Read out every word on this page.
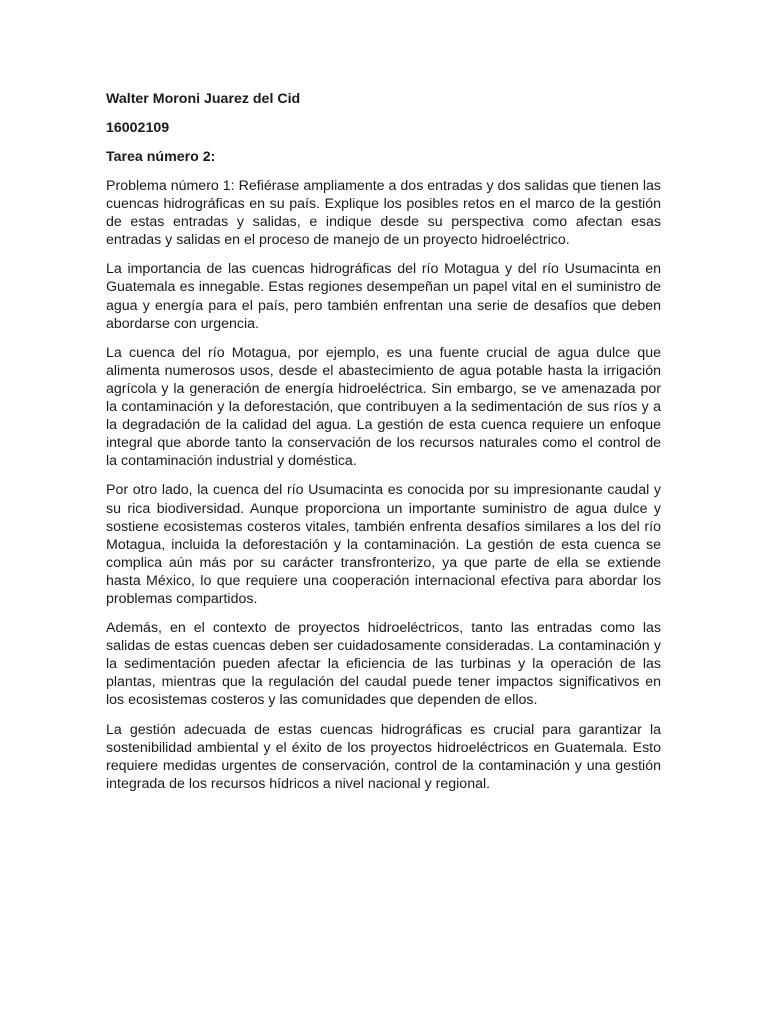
Walter Moroni Juarez del Cid
16002109
Tarea número 2:

Problema número 1: Refiérase ampliamente a dos entradas y dos salidas que tienen las cuencas hidrográficas en su país. Explique los posibles retos en el marco de la gestión de estas entradas y salidas, e indique desde su perspectiva como afectan esas entradas y salidas en el proceso de manejo de un proyecto hidroeléctrico.

La importancia de las cuencas hidrográficas del río Motagua y del río Usumacinta en Guatemala es innegable. Estas regiones desempeñan un papel vital en el suministro de agua y energía para el país, pero también enfrentan una serie de desafíos que deben abordarse con urgencia.

La cuenca del río Motagua, por ejemplo, es una fuente crucial de agua dulce que alimenta numerosos usos, desde el abastecimiento de agua potable hasta la irrigación agrícola y la generación de energía hidroeléctrica. Sin embargo, se ve amenazada por la contaminación y la deforestación, que contribuyen a la sedimentación de sus ríos y a la degradación de la calidad del agua. La gestión de esta cuenca requiere un enfoque integral que aborde tanto la conservación de los recursos naturales como el control de la contaminación industrial y doméstica.

Por otro lado, la cuenca del río Usumacinta es conocida por su impresionante caudal y su rica biodiversidad. Aunque proporciona un importante suministro de agua dulce y sostiene ecosistemas costeros vitales, también enfrenta desafíos similares a los del río Motagua, incluida la deforestación y la contaminación. La gestión de esta cuenca se complica aún más por su carácter transfronterizo, ya que parte de ella se extiende hasta México, lo que requiere una cooperación internacional efectiva para abordar los problemas compartidos.

Además, en el contexto de proyectos hidroeléctricos, tanto las entradas como las salidas de estas cuencas deben ser cuidadosamente consideradas. La contaminación y la sedimentación pueden afectar la eficiencia de las turbinas y la operación de las plantas, mientras que la regulación del caudal puede tener impactos significativos en los ecosistemas costeros y las comunidades que dependen de ellos.

La gestión adecuada de estas cuencas hidrográficas es crucial para garantizar la sostenibilidad ambiental y el éxito de los proyectos hidroeléctricos en Guatemala. Esto requiere medidas urgentes de conservación, control de la contaminación y una gestión integrada de los recursos hídricos a nivel nacional y regional.
